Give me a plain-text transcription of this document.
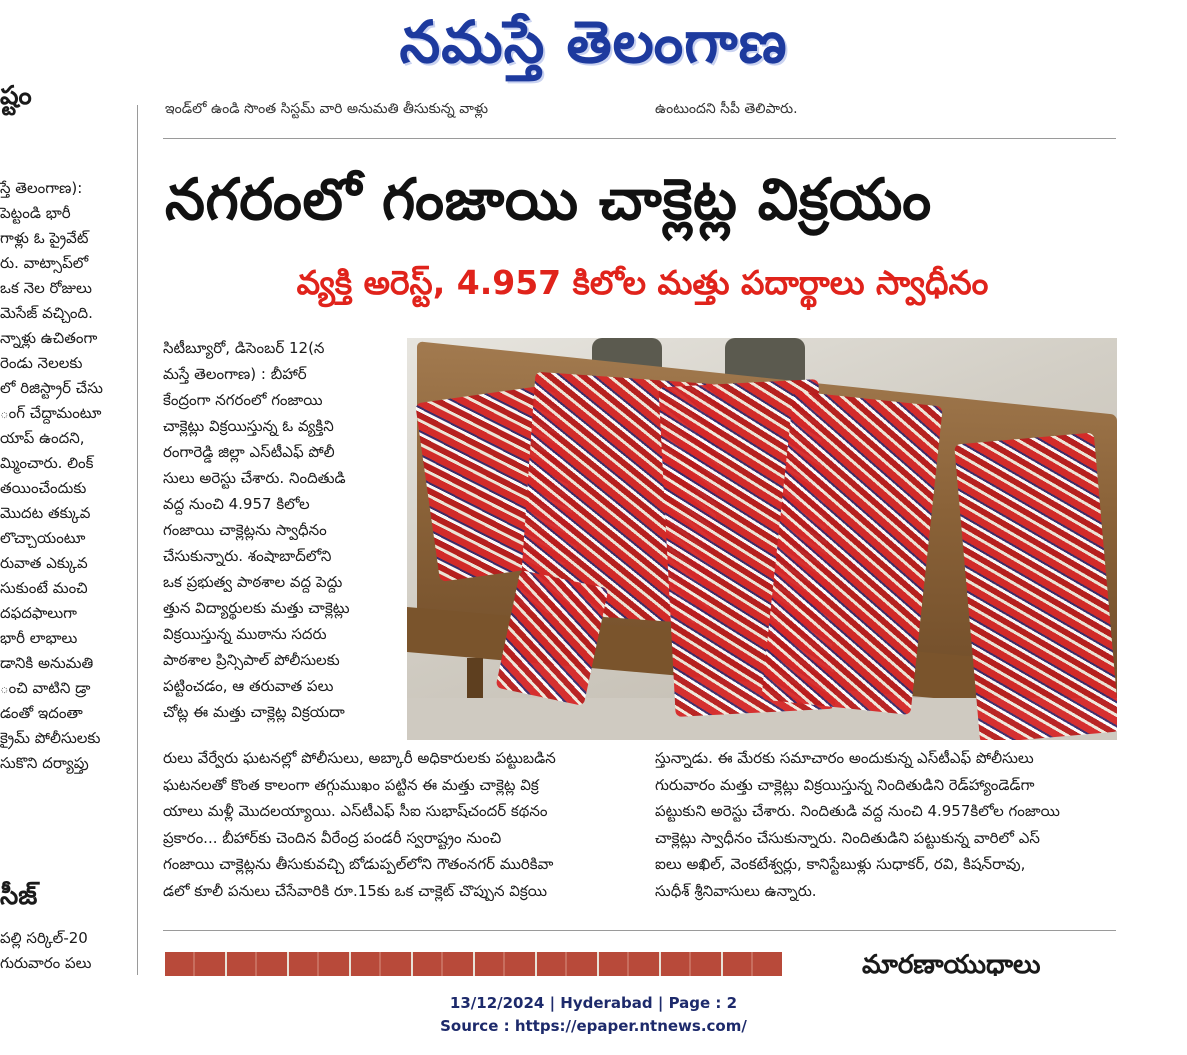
నమస్తే తెలంగాణ
ష్టం
స్తే తెలంగాణ):
పెట్టండి భారీ
గాళ్లు ఓ ప్రైవేట్
రు. వాట్సాప్‌లో
ఒక నెల రోజులు
మెసేజ్ వచ్చింది.
న్నాళ్లు ఉచితంగా
రెండు నెలలకు
లో రిజిస్ట్రార్ చేసు
ంగ్ చేద్దామంటూ
యాప్ ఉందని,
మ్మించారు. లింక్
తయించేందుకు
మొదట తక్కువ
లొచ్చాయంటూ
రువాత ఎక్కువ
సుకుంటే మంచి
దఫదఫాలుగా
భారీ లాభాలు
డానికి అనుమతి
ంచి వాటిని డ్రా
డంతో ఇదంతా
క్రైమ్ పోలీసులకు
సుకొని దర్యాప్తు
సీజ్
పల్లి సర్కిల్-20
గురువారం పలు
ఇండ్‌లో ఉండి సొంత సిస్టమ్ వారి అనుమతి తీసుకున్న వాళ్లు	ఉంటుందని సీపీ తెలిపారు.
నగరంలో గంజాయి చాక్లెట్ల విక్రయం
వ్యక్తి అరెస్ట్, 4.957 కిలోల మత్తు పదార్థాలు స్వాధీనం
సిటీబ్యూరో, డిసెంబర్ 12(న
మస్తే తెలంగాణ) : బీహార్
కేంద్రంగా నగరంలో గంజాయి
చాక్లెట్లు విక్రయిస్తున్న ఓ వ్యక్తిని
రంగారెడ్డి జిల్లా ఎస్‌టీఎఫ్ పోలీ
సులు అరెస్టు చేశారు. నిందితుడి
వద్ద నుంచి 4.957 కిలోల
గంజాయి చాక్లెట్లను స్వాధీనం
చేసుకున్నారు. శంషాబాద్‌లోని
ఒక ప్రభుత్వ పాఠశాల వద్ద పెద్దు
త్తున విద్యార్థులకు మత్తు చాక్లెట్లు
విక్రయిస్తున్న ముఠాను సదరు
పాఠశాల ప్రిన్సిపాల్ పోలీసులకు
పట్టించడం, ఆ తరువాత పలు
చోట్ల ఈ మత్తు చాక్లెట్ల విక్రయదా
రులు వేర్వేరు ఘటనల్లో పోలీసులు, అబ్కారీ అధికారులకు పట్టుబడిన
ఘటనలతో కొంత కాలంగా తగ్గుముఖం పట్టిన ఈ మత్తు చాక్లెట్ల విక్ర
యాలు మళ్లీ మొదలయ్యాయి. ఎస్‌టీఎఫ్ సీఐ సుభాష్‌చందర్ కథనం
ప్రకారం... బీహార్‌కు చెందిన వీరేంద్ర పండరీ స్వరాష్ట్రం నుంచి
గంజాయి చాక్లెట్లను తీసుకువచ్చి బోడుప్పల్‌లోని గౌతంనగర్ మురికివా
డలో కూలీ పనులు చేసేవారికి రూ.15కు ఒక చాక్లెట్ చొప్పున విక్రయి
స్తున్నాడు. ఈ మేరకు సమాచారం అందుకున్న ఎస్‌టీఎఫ్ పోలీసులు
గురువారం మత్తు చాక్లెట్లు విక్రయిస్తున్న నిందితుడిని రెడ్‌హ్యాండెడ్‌గా
పట్టుకుని అరెస్టు చేశారు. నిందితుడి వద్ద నుంచి 4.957కిలోల గంజాయి
చాక్లెట్లు స్వాధీనం చేసుకున్నారు. నిందితుడిని పట్టుకున్న వారిలో ఎస్
ఐలు అఖిల్, వెంకటేశ్వర్లు, కానిస్టేబుళ్లు సుధాకర్, రవి, కిషన్‌రావు,
సుధీశ్ శ్రీనివాసులు ఉన్నారు.
మారణాయుధాలు
13/12/2024 | Hyderabad | Page : 2
Source : https://epaper.ntnews.com/
